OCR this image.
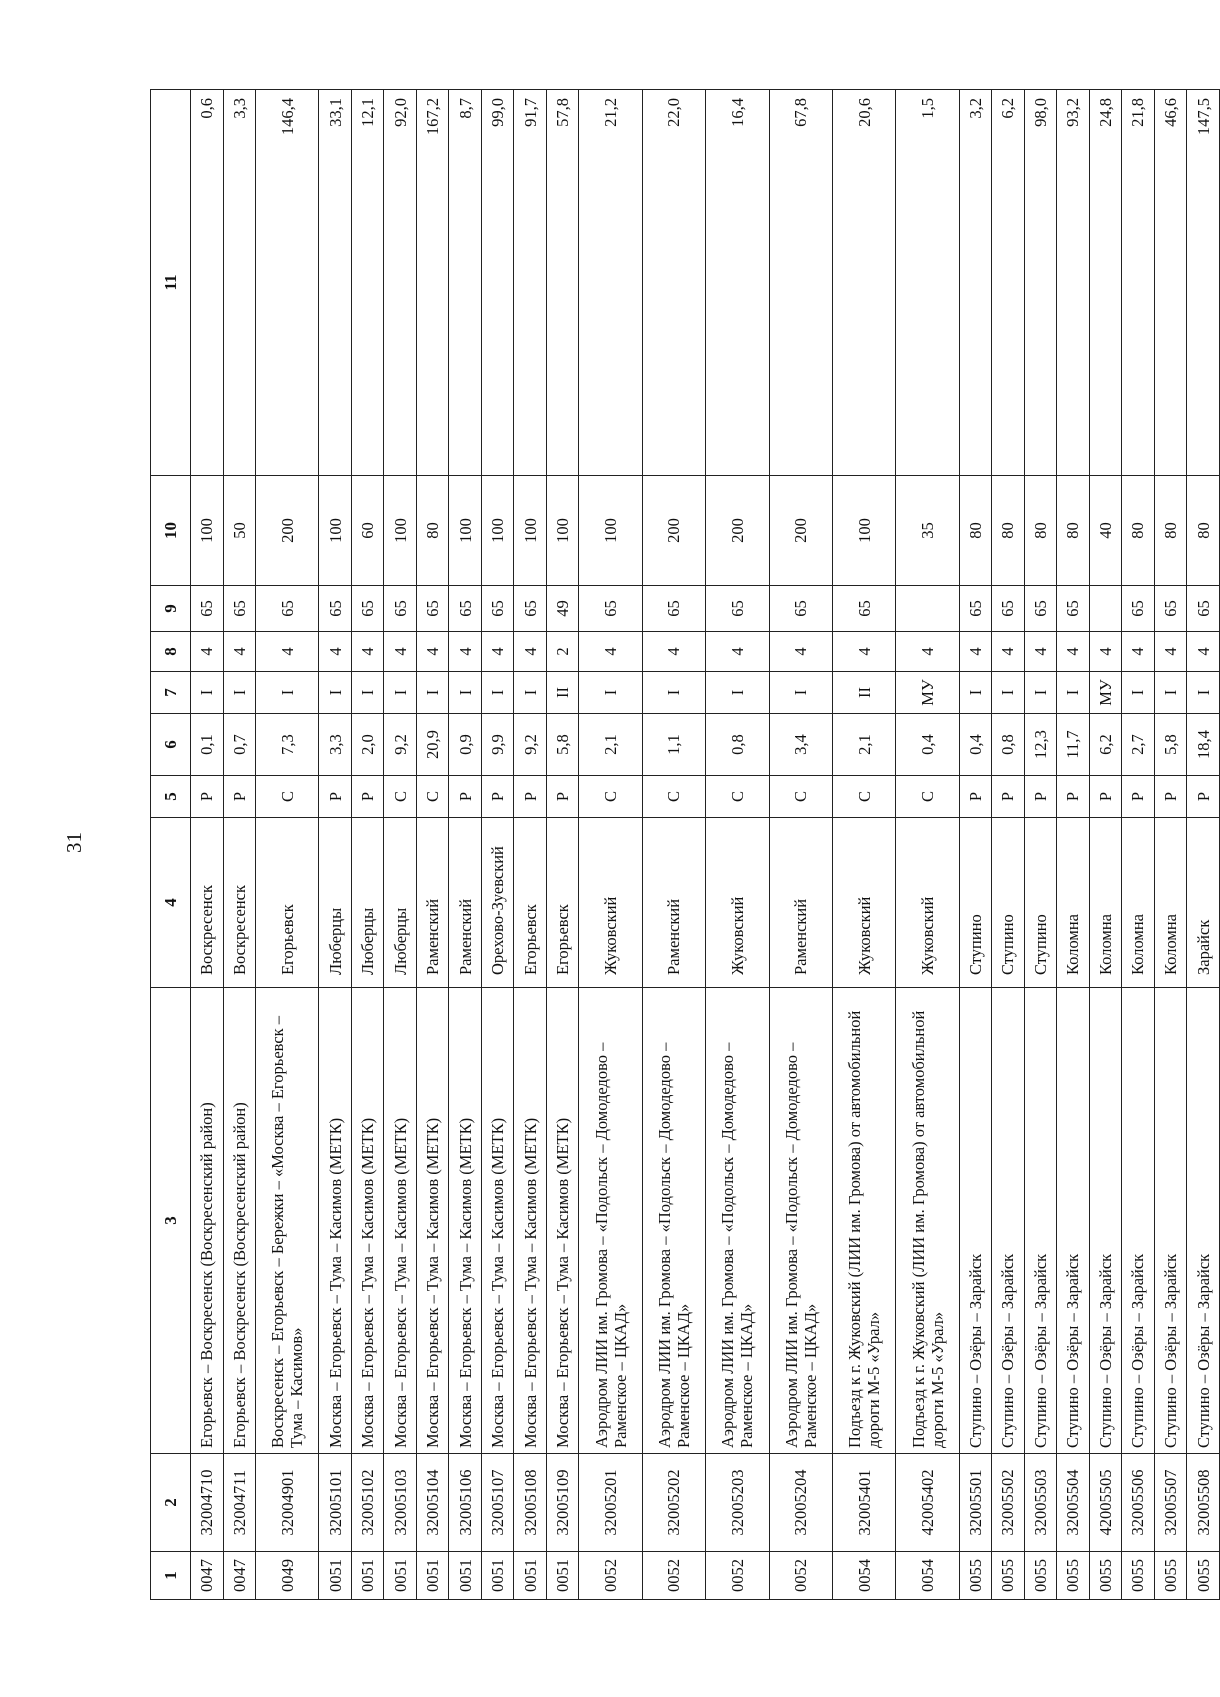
31
1	2	3	4	5	6	7	8	9	10	11
0047	32004710	Егорьевск – Воскресенск (Воскресенский район)	Воскресенск	Р	0,1	I	4	65	100	0,6
0047	32004711	Егорьевск – Воскресенск (Воскресенский район)	Воскресенск	Р	0,7	I	4	65	50	3,3
0049	32004901	Воскресенск – Егорьевск – Бережки – «Москва – Егорьевск – Тума – Касимов»	Егорьевск	С	7,3	I	4	65	200	146,4
0051	32005101	Москва – Егорьевск – Тума – Касимов (МЕТК)	Люберцы	Р	3,3	I	4	65	100	33,1
0051	32005102	Москва – Егорьевск – Тума – Касимов (МЕТК)	Люберцы	Р	2,0	I	4	65	60	12,1
0051	32005103	Москва – Егорьевск – Тума – Касимов (МЕТК)	Люберцы	С	9,2	I	4	65	100	92,0
0051	32005104	Москва – Егорьевск – Тума – Касимов (МЕТК)	Раменский	С	20,9	I	4	65	80	167,2
0051	32005106	Москва – Егорьевск – Тума – Касимов (МЕТК)	Раменский	Р	0,9	I	4	65	100	8,7
0051	32005107	Москва – Егорьевск – Тума – Касимов (МЕТК)	Орехово-Зуевский	Р	9,9	I	4	65	100	99,0
0051	32005108	Москва – Егорьевск – Тума – Касимов (МЕТК)	Егорьевск	Р	9,2	I	4	65	100	91,7
0051	32005109	Москва – Егорьевск – Тума – Касимов (МЕТК)	Егорьевск	Р	5,8	II	2	49	100	57,8
0052	32005201	Аэродром ЛИИ им. Громова – «Подольск – Домодедово – Раменское – ЦКАД»	Жуковский	С	2,1	I	4	65	100	21,2
0052	32005202	Аэродром ЛИИ им. Громова – «Подольск – Домодедово – Раменское – ЦКАД»	Раменский	С	1,1	I	4	65	200	22,0
0052	32005203	Аэродром ЛИИ им. Громова – «Подольск – Домодедово – Раменское – ЦКАД»	Жуковский	С	0,8	I	4	65	200	16,4
0052	32005204	Аэродром ЛИИ им. Громова – «Подольск – Домодедово – Раменское – ЦКАД»	Раменский	С	3,4	I	4	65	200	67,8
0054	32005401	Подъезд к г. Жуковский (ЛИИ им. Громова) от автомобильной дороги М-5 «Урал»	Жуковский	С	2,1	II	4	65	100	20,6
0054	42005402	Подъезд к г. Жуковский (ЛИИ им. Громова) от автомобильной дороги М-5 «Урал»	Жуковский	С	0,4	МУ	4		35	1,5
0055	32005501	Ступино – Озёры – Зарайск	Ступино	Р	0,4	I	4	65	80	3,2
0055	32005502	Ступино – Озёры – Зарайск	Ступино	Р	0,8	I	4	65	80	6,2
0055	32005503	Ступино – Озёры – Зарайск	Ступино	Р	12,3	I	4	65	80	98,0
0055	32005504	Ступино – Озёры – Зарайск	Коломна	Р	11,7	I	4	65	80	93,2
0055	42005505	Ступино – Озёры – Зарайск	Коломна	Р	6,2	МУ	4		40	24,8
0055	32005506	Ступино – Озёры – Зарайск	Коломна	Р	2,7	I	4	65	80	21,8
0055	32005507	Ступино – Озёры – Зарайск	Коломна	Р	5,8	I	4	65	80	46,6
0055	32005508	Ступино – Озёры – Зарайск	Зарайск	Р	18,4	I	4	65	80	147,5
